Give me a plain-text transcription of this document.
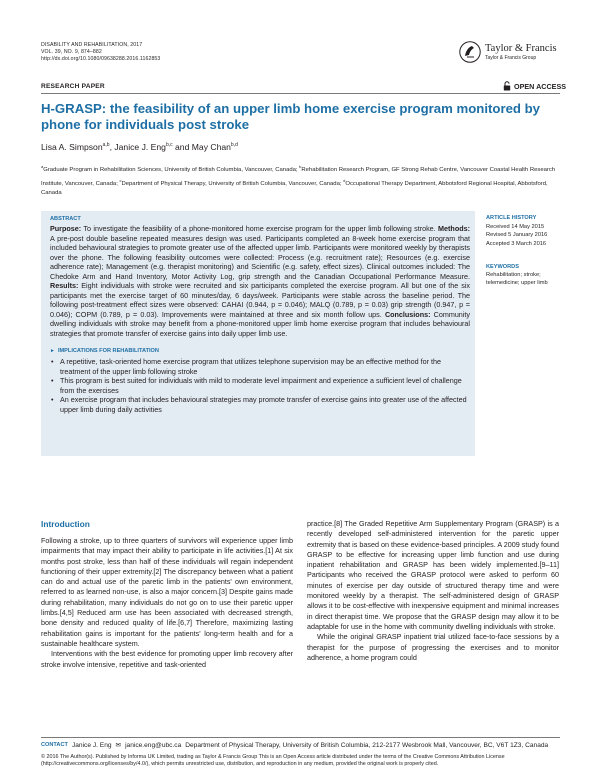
DISABILITY AND REHABILITATION, 2017
VOL. 39, NO. 9, 874–882
http://dx.doi.org/10.1080/09638288.2016.1162853
Taylor & Francis
Taylor & Francis Group
RESEARCH PAPER	OPEN ACCESS
H-GRASP: the feasibility of an upper limb home exercise program monitored by phone for individuals post stroke
Lisa A. Simpson$^{a,b}$, Janice J. Eng$^{b,c}$ and May Chan$^{b,d}$
$^a$Graduate Program in Rehabilitation Sciences, University of British Columbia, Vancouver, Canada; $^b$Rehabilitation Research Program, GF Strong Rehab Centre, Vancouver Coastal Health Research Institute, Vancouver, Canada; $^c$Department of Physical Therapy, University of British Columbia, Vancouver, Canada; $^d$Occupational Therapy Department, Abbotsford Regional Hospital, Abbotsford, Canada
ABSTRACT

Purpose: To investigate the feasibility of a phone-monitored home exercise program for the upper limb following stroke. Methods: A pre-post double baseline repeated measures design was used. Participants completed an 8-week home exercise program that included behavioural strategies to promote greater use of the affected upper limb. Participants were monitored weekly by therapists over the phone. The following feasibility outcomes were collected: Process (e.g. recruitment rate); Resources (e.g. exercise adherence rate); Management (e.g. therapist monitoring) and Scientific (e.g. safety, effect sizes). Clinical outcomes included: The Chedoke Arm and Hand Inventory, Motor Activity Log, grip strength and the Canadian Occupational Performance Measure. Results: Eight individuals with stroke were recruited and six participants completed the exercise program. All but one of the six participants met the exercise target of 60 minutes/day, 6 days/week. Participants were stable across the baseline period. The following post-treatment effect sizes were observed: CAHAI (0.944, p = 0.046); MALQ (0.789, p = 0.03) grip strength (0.947, p = 0.046); COPM (0.789, p = 0.03). Improvements were maintained at three and six month follow ups. Conclusions: Community dwelling individuals with stroke may benefit from a phone-monitored upper limb home exercise program that includes behavioural strategies that promote transfer of exercise gains into daily upper limb use.

► IMPLICATIONS FOR REHABILITATION
• A repetitive, task-oriented home exercise program that utilizes telephone supervision may be an effective method for the treatment of the upper limb following stroke
• This program is best suited for individuals with mild to moderate level impairment and experience a sufficient level of challenge from the exercises
• An exercise program that includes behavioural strategies may promote transfer of exercise gains into greater use of the affected upper limb during daily activities
ARTICLE HISTORY
Received 14 May 2015
Revised 5 January 2016
Accepted 3 March 2016
KEYWORDS
Rehabilitation; stroke; telemedicine; upper limb
Introduction

Following a stroke, up to three quarters of survivors will experience upper limb impairments that may impact their ability to participate in life activities.[1] At six months post stroke, less than half of these individuals will regain independent functioning of their upper extremity.[2] The discrepancy between what a patient can do and actual use of the paretic limb in the patients' own environment, referred to as learned non-use, is also a major concern.[3] Despite gains made during rehabilitation, many individuals do not go on to use their paretic upper limbs.[4,5] Reduced arm use has been associated with decreased strength, bone density and reduced quality of life.[6,7] Therefore, maximizing lasting rehabilitation gains is important for the patients' long-term health and for a sustainable healthcare system.

Interventions with the best evidence for promoting upper limb recovery after stroke involve intensive, repetitive and task-oriented

practice.[8] The Graded Repetitive Arm Supplementary Program (GRASP) is a recently developed self-administered intervention for the paretic upper extremity that is based on these evidence-based principles. A 2009 study found GRASP to be effective for increasing upper limb function and use during inpatient rehabilitation and GRASP has been widely implemented.[9–11] Participants who received the GRASP protocol were asked to perform 60 minutes of exercise per day outside of structured therapy time and were monitored weekly by a therapist. The self-administered design of GRASP allows it to be cost-effective with inexpensive equipment and minimal increases in direct therapist time. We propose that the GRASP design may allow it to be adaptable for use in the home with community dwelling individuals with stroke.

While the original GRASP inpatient trial utilized face-to-face sessions by a therapist for the purpose of progressing the exercises and to monitor adherence, a home program could

CONTACT Janice J. Eng ✉ janice.eng@ubc.ca Department of Physical Therapy, University of British Columbia, 212-2177 Wesbrook Mall, Vancouver, BC, V6T 1Z3, Canada

© 2016 The Author(s). Published by Informa UK Limited, trading as Taylor & Francis Group This is an Open Access article distributed under the terms of the Creative Commons Attribution License (http://creativecommons.org/licenses/by/4.0/), which permits unrestricted use, distribution, and reproduction in any medium, provided the original work is properly cited.
